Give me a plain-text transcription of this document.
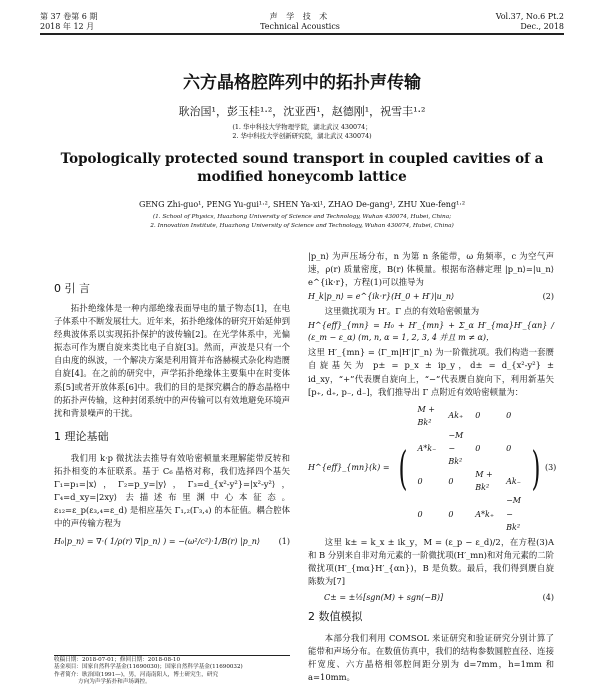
第 37 卷第 6 期
2018 年 12 月
声 学 技 术
Technical Acoustics
Vol.37, No.6 Pt.2
Dec., 2018
六方晶格腔阵列中的拓扑声传输
耿治国¹，彭玉桂¹·²，沈亚西¹，赵德刚¹，祝雪丰¹·²
(1. 华中科技大学物理学院，湖北武汉 430074；
2. 华中科技大学创新研究院，湖北武汉 430074)
Topologically protected sound transport in coupled cavities of a
modified honeycomb lattice
GENG Zhi-guo¹, PENG Yu-gui¹·², SHEN Ya-xi¹, ZHAO De-gang¹, ZHU Xue-feng¹·²
(1. School of Physics, Huazhong University of Science and Technology, Wuhan 430074, Hubei, China;
2. Innovation Institute, Huazhong University of Science and Technology, Wuhan 430074, Hubei, China)
0 引 言

拓扑绝缘体是一种内部绝缘表面导电的量子物态[1]，在电子体系中不断发展壮大。近年来，拓扑绝缘体的研究开始延伸到经典波体系以实现拓扑保护的波传输[2]。在光学体系中，光偏振态可作为赝自旋来类比电子自旋[3]。然而，声波是只有一个自由度的纵波，一个解决方案是利用简并布洛赫模式杂化构造赝自旋[4]。在之前的研究中，声学拓扑绝缘体主要集中在时变体系[5]或者开放体系[6]中。我们的目的是探究耦合的静态晶格中的拓扑声传输，这种封闭系统中的声传输可以有效地避免环境声扰和背景噪声的干扰。

1 理论基础

我们用 k·p 微扰法去推导有效哈密顿量来理解能带反转和拓扑相变的本征联系。基于 C₆ 晶格对称，我们选择四个基矢 Γ₁=p₁=|x⟩，Γ₂=p_y=|y⟩，Γ₃=d_{x²-y²}=|x²-y²⟩，Γ₄=d_xy=|2xy⟩ 去描述布里渊中心本征态。ε₁₂=ε_p(ε₃,₄=ε_d) 是相应基矢 Γ₁,₂(Γ₃,₄) 的本征值。耦合腔体中的声传输方程为

H₀|p_n⟩ = ∇·( 1/ρ(r) ∇|p_n⟩ ) = −(ω²/c²)·1/B(r) |p_n⟩ (1)

|p_n⟩ 为声压场分布，n 为第 n 条能带，ω 角频率，c 为空气声速，ρ(r) 质量密度，B(r) 体模量。根据布洛赫定理 |p_n⟩=|u_n⟩e^{ik·r}，方程(1)可以推导为

H_k|p_n⟩ = e^{ik·r}(H_0 + H′)|u_n⟩	(2)

这里微扰项为 H′。Γ 点的有效哈密顿量为

H^{eff}_{mn} = H₀ + H′_{mn} + Σ_α H′_{mα}H′_{αn} / (ε_m − ε_α) (m, n, α = 1, 2, 3, 4 并且 m ≠ α)，

这里 H′_{mn} = ⟨Γ_m|H′|Γ_n⟩ 为一阶微扰项。我们构造一套赝自旋基矢为 p± = p_x ± ip_y，d± = d_{x²-y²} ± id_xy，“+”代表赝自旋向上，“−”代表赝自旋向下，利用新基矢 [p₊, d₊, p₋, d₋]，我们推导出 Γ 点附近有效哈密顿量为：

H^{eff}_{mn}(k) = (
M + Bk²	Ak₊	0	0
A*k₋	−M − Bk²	0	0
0	0	M + Bk²	Ak₋
0	0	A*k₊	−M − Bk²
) (3)

这里 k± = k_x ± ik_y，M = (ε_p − ε_d)/2，在方程(3)A 和 B 分别来自非对角元素的一阶微扰项(H′_mn)和对角元素的二阶微扰项(H′_{mα}H′_{αn})，B 是负数。最后，我们得到赝自旋陈数为[7]

C± = ±½[sgn(M) + sgn(−B)]	(4)
2 数值模拟

本部分我们利用 COMSOL 来证研究和验证研究分别计算了能带和声场分布。在数值仿真中，我们的结构参数圆腔直径、连接杆宽度、六方晶格相邻腔间距分别为 d=7mm，h=1mm 和 a=10mm。

收稿日期：2018-07-01；修回日期：2018-08-10
基金项目：国家自然科学基金(11690030)；国家自然科学基金(11690032)
作者简介：耿治国(1991—)，男，河南南阳人，博士研究生，研究
方向为声学拓扑和声场调控。
